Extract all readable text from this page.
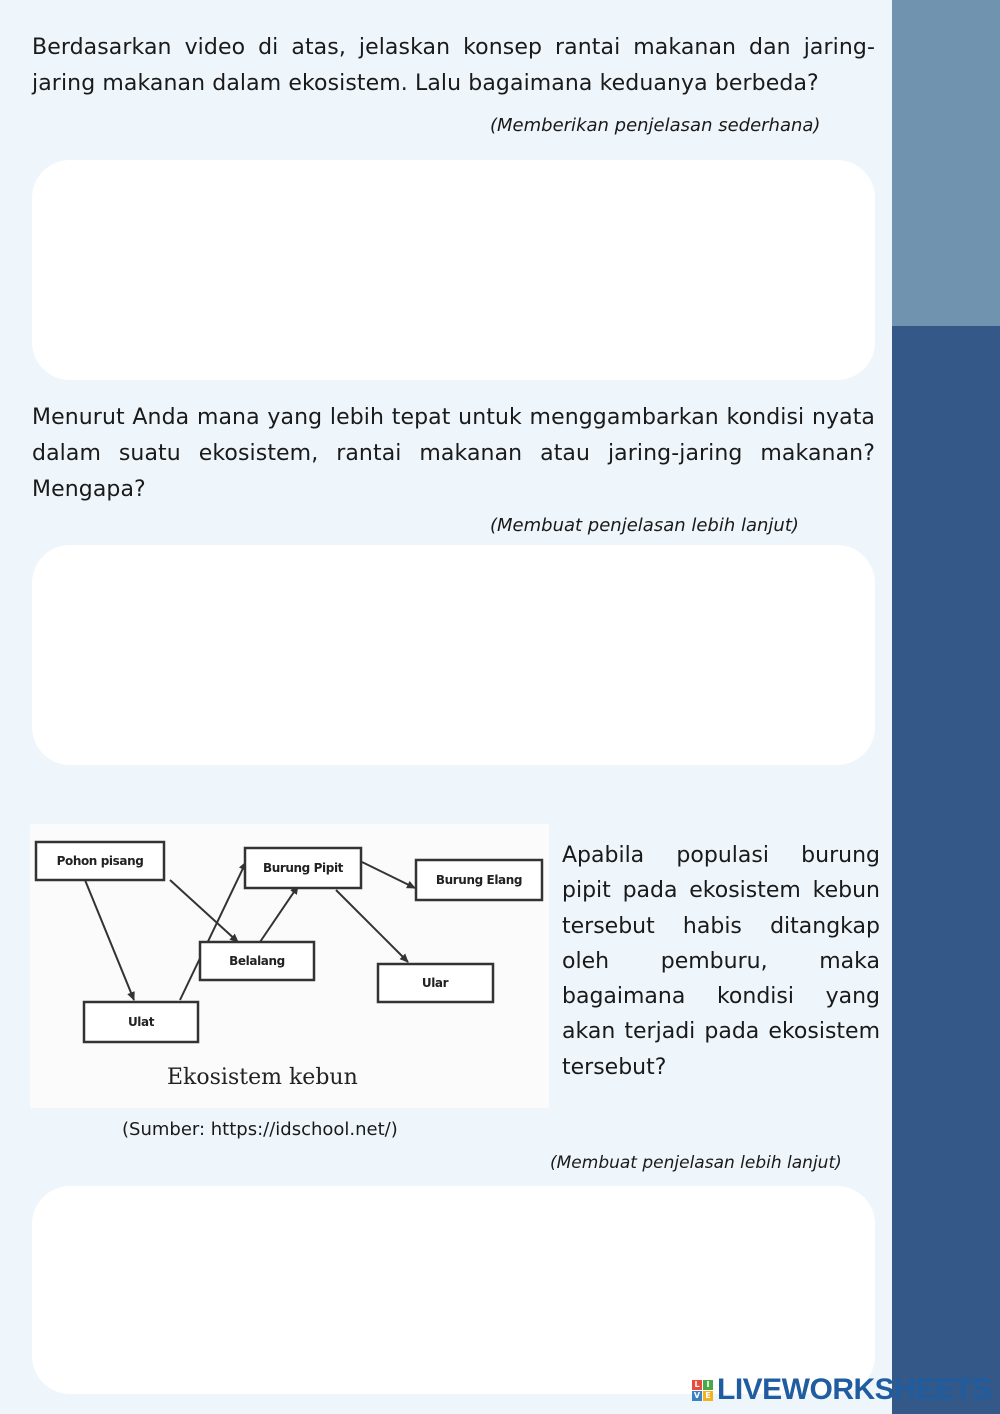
Berdasarkan video di atas, jelaskan konsep rantai makanan dan jaring-jaring makanan dalam ekosistem. Lalu bagaimana keduanya berbeda?
(Memberikan penjelasan sederhana)
Menurut Anda mana yang lebih tepat untuk menggambarkan kondisi nyata dalam suatu ekosistem, rantai makanan atau jaring-jaring makanan? Mengapa?
(Membuat penjelasan lebih lanjut)
Pohon pisang	Burung Pipit
Burung Elang
Belalang
Ular
Ulat
Ekosistem kebun
Apabila populasi burung pipit pada ekosistem kebun tersebut habis ditangkap oleh pemburu, maka bagaimana kondisi yang akan terjadi pada ekosistem tersebut?
(Sumber: https://idschool.net/)
(Membuat penjelasan lebih lanjut)
L I
V E LIVEWORKSHEETS
